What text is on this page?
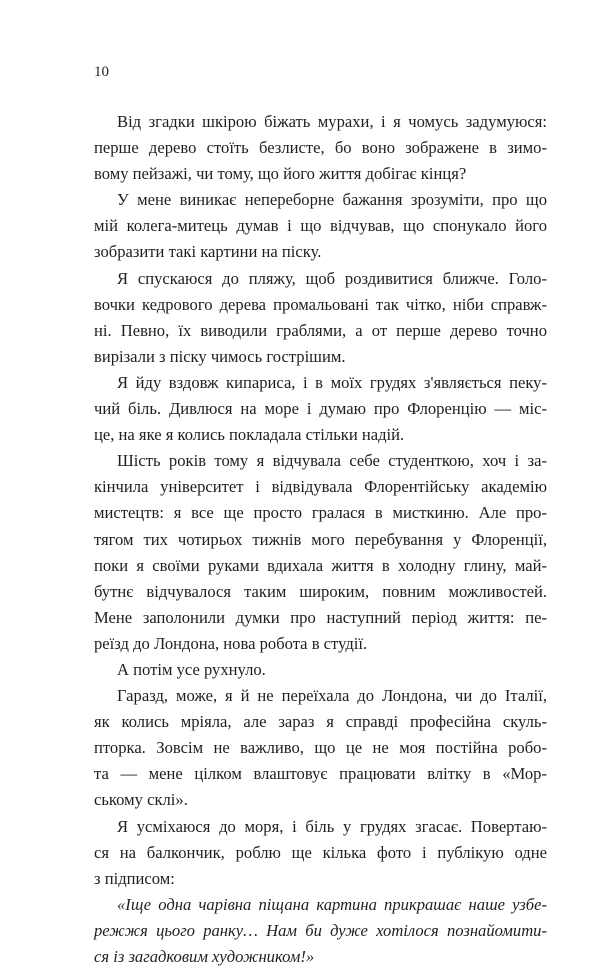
10
Від згадки шкірою біжать мурахи, і я чомусь задумуюся:
перше дерево стоїть безлисте, бо воно зображене в зимо-
вому пейзажі, чи тому, що його життя добігає кінця?
У мене виникає непереборне бажання зрозуміти, про що
мій колега-митець думав і що відчував, що спонукало його
зобразити такі картини на піску.
Я спускаюся до пляжу, щоб роздивитися ближче. Голо-
вочки кедрового дерева промальовані так чітко, ніби справж-
ні. Певно, їх виводили граблями, а от перше дерево точно
вирізали з піску чимось гострішим.
Я йду вздовж кипариса, і в моїх грудях з'являється пеку-
чий біль. Дивлюся на море і думаю про Флоренцію — міс-
це, на яке я колись покладала стільки надій.
Шість років тому я відчувала себе студенткою, хоч і за-
кінчила університет і відвідувала Флорентійську академію
мистецтв: я все ще просто гралася в мисткиню. Але про-
тягом тих чотирьох тижнів мого перебування у Флоренції,
поки я своїми руками вдихала життя в холодну глину, май-
бутнє відчувалося таким широким, повним можливостей.
Мене заполонили думки про наступний період життя: пе-
реїзд до Лондона, нова робота в студії.
А потім усе рухнуло.
Гаразд, може, я й не переїхала до Лондона, чи до Італії,
як колись мріяла, але зараз я справді професійна скуль-
пторка. Зовсім не важливо, що це не моя постійна робо-
та — мене цілком влаштовує працювати влітку в «Мор-
ському склі».
Я усміхаюся до моря, і біль у грудях згасає. Повертаю-
ся на балкончик, роблю ще кілька фото і публікую одне
з підписом:
«Іще одна чарівна піщана картина прикрашає наше узбе-
режжя цього ранку… Нам би дуже хотілося познайомити-
ся із загадковим художником!»
